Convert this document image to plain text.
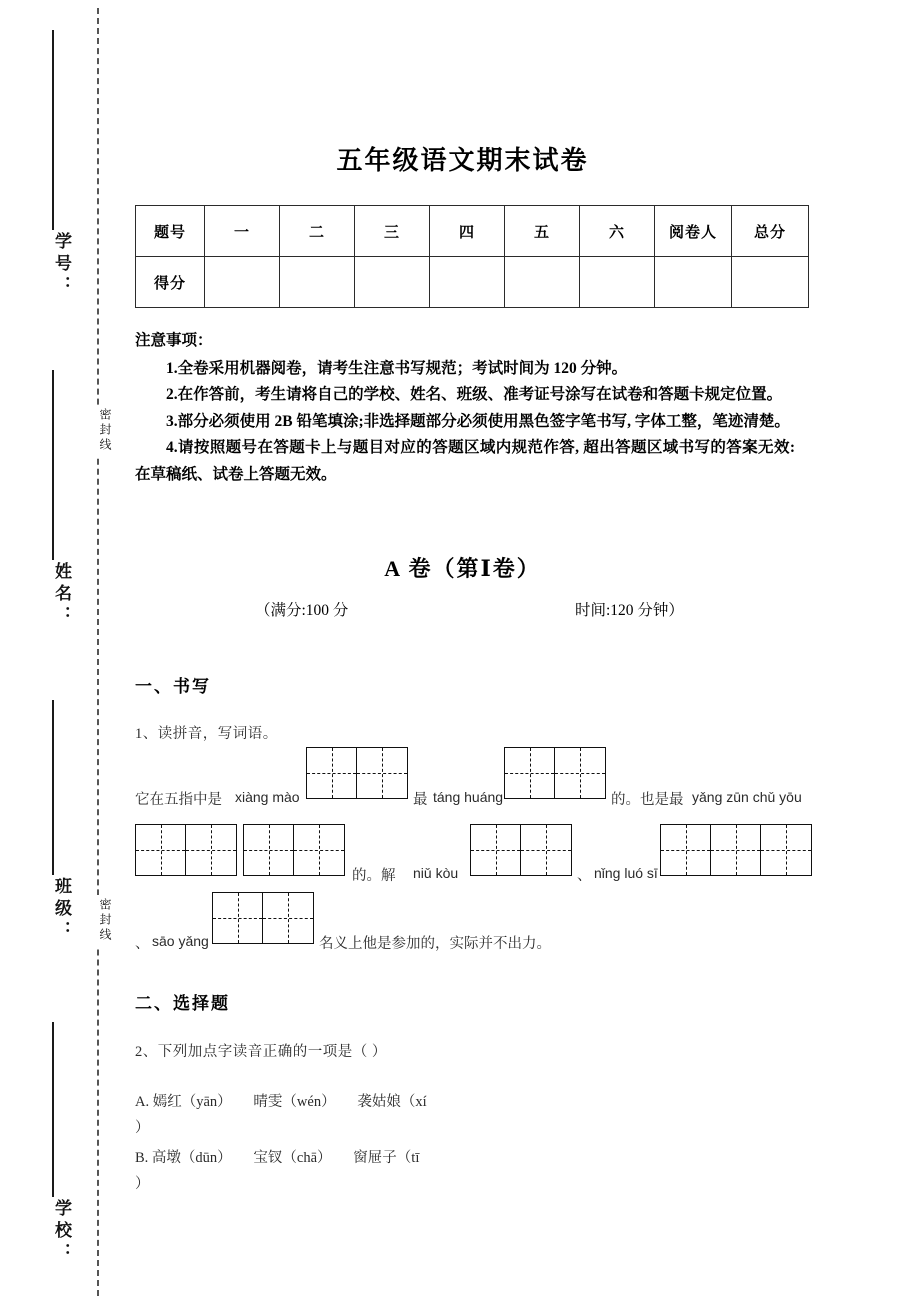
学号：
姓名：
班级：
学校：
密封线
密封线
五年级语文期末试卷
题号	一	二	三	四	五	六	阅卷人	总分
得分								

注意事项：

1.全卷采用机器阅卷，请考生注意书写规范；考试时间为 120 分钟。

2.在作答前，考生请将自己的学校、姓名、班级、准考证号涂写在试卷和答题卡规定位置。

3.部分必须使用 2B 铅笔填涂;非选择题部分必须使用黑色签字笔书写, 字体工整，笔迹清楚。

4.请按照题号在答题卡上与题目对应的答题区域内规范作答, 超出答题区域书写的答案无效:在草稿纸、试卷上答题无效。

A 卷（第Ⅰ卷）
（满分:100 分	时间:120 分钟）
一、书写
1、读拼音，写词语。
它在五指中是 xiàng mào	最 táng huáng	的。也是最 yǎng zūn chǔ yōu
的。解 niǔ kòu	、 nǐng luó sī
、 sāo yǎng	名义上他是参加的，实际并不出力。
二、选择题
2、下列加点字读音正确的一项是（ ）
A. 嫣红（yān）　　晴雯（wén）　　袭姑娘（xí
）
B. 高墩（dūn）　　宝钗（chā）　　窗屉子（tī
）
